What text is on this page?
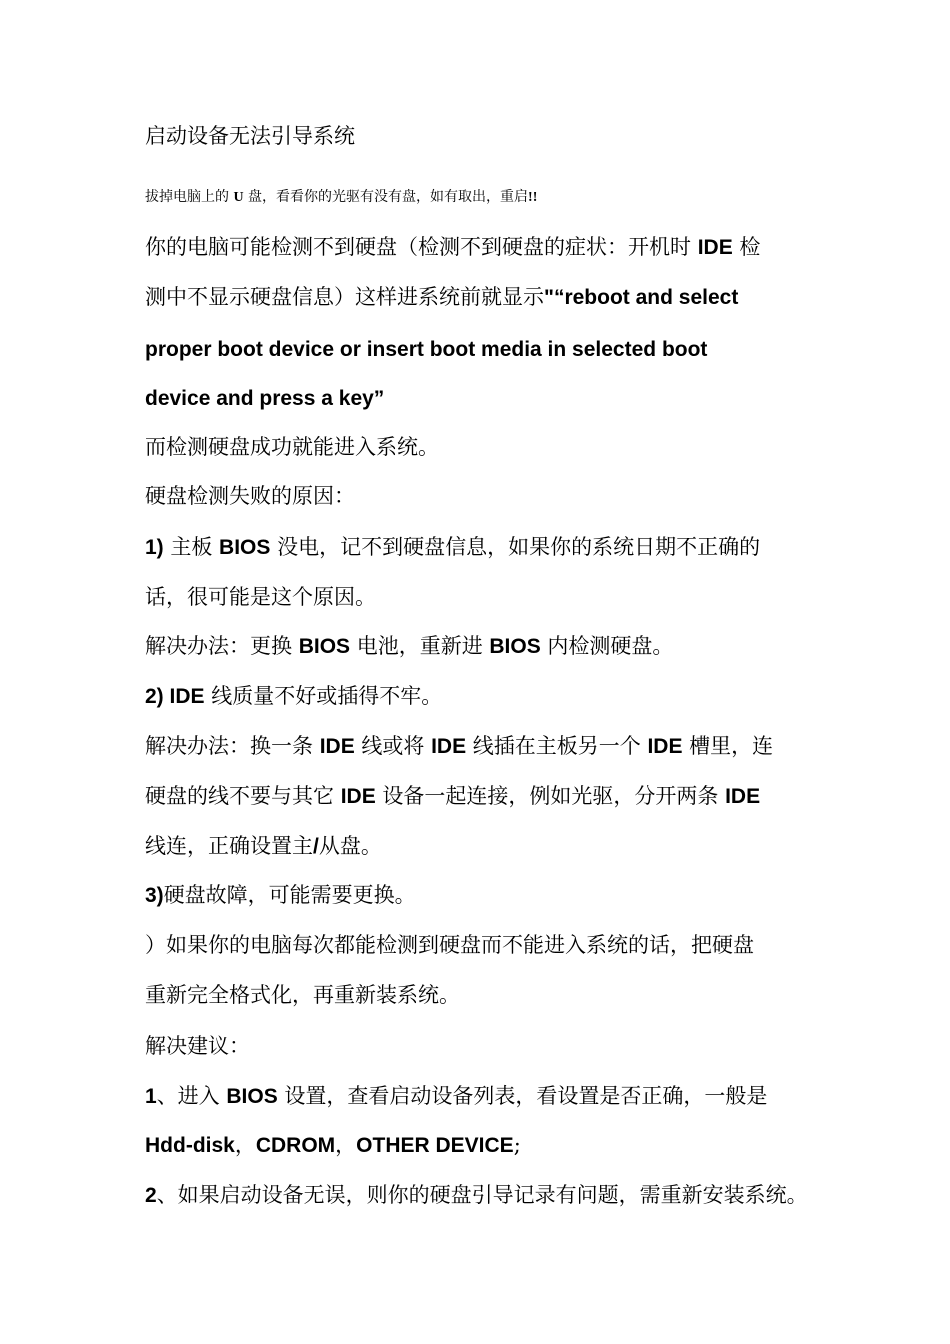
启动设备无法引导系统
拔掉电脑上的 U 盘，看看你的光驱有没有盘，如有取出，重启!!
你的电脑可能检测不到硬盘（检测不到硬盘的症状：开机时 IDE 检
测中不显示硬盘信息）这样进系统前就显示"“reboot and select
proper boot device or insert boot media in selected boot
device and press a key”
而检测硬盘成功就能进入系统。
硬盘检测失败的原因：
1) 主板 BIOS 没电，记不到硬盘信息，如果你的系统日期不正确的
话，很可能是这个原因。
解决办法：更换 BIOS 电池，重新进 BIOS 内检测硬盘。
2) IDE 线质量不好或插得不牢。
解决办法：换一条 IDE 线或将 IDE 线插在主板另一个 IDE 槽里，连
硬盘的线不要与其它 IDE 设备一起连接，例如光驱，分开两条 IDE
线连，正确设置主/从盘。
3)硬盘故障，可能需要更换。
）如果你的电脑每次都能检测到硬盘而不能进入系统的话，把硬盘
重新完全格式化，再重新装系统。
解决建议：
1、进入 BIOS 设置，查看启动设备列表，看设置是否正确，一般是
Hdd-disk，CDROM，OTHER DEVICE;
2、如果启动设备无误，则你的硬盘引导记录有问题，需重新安装系统。
